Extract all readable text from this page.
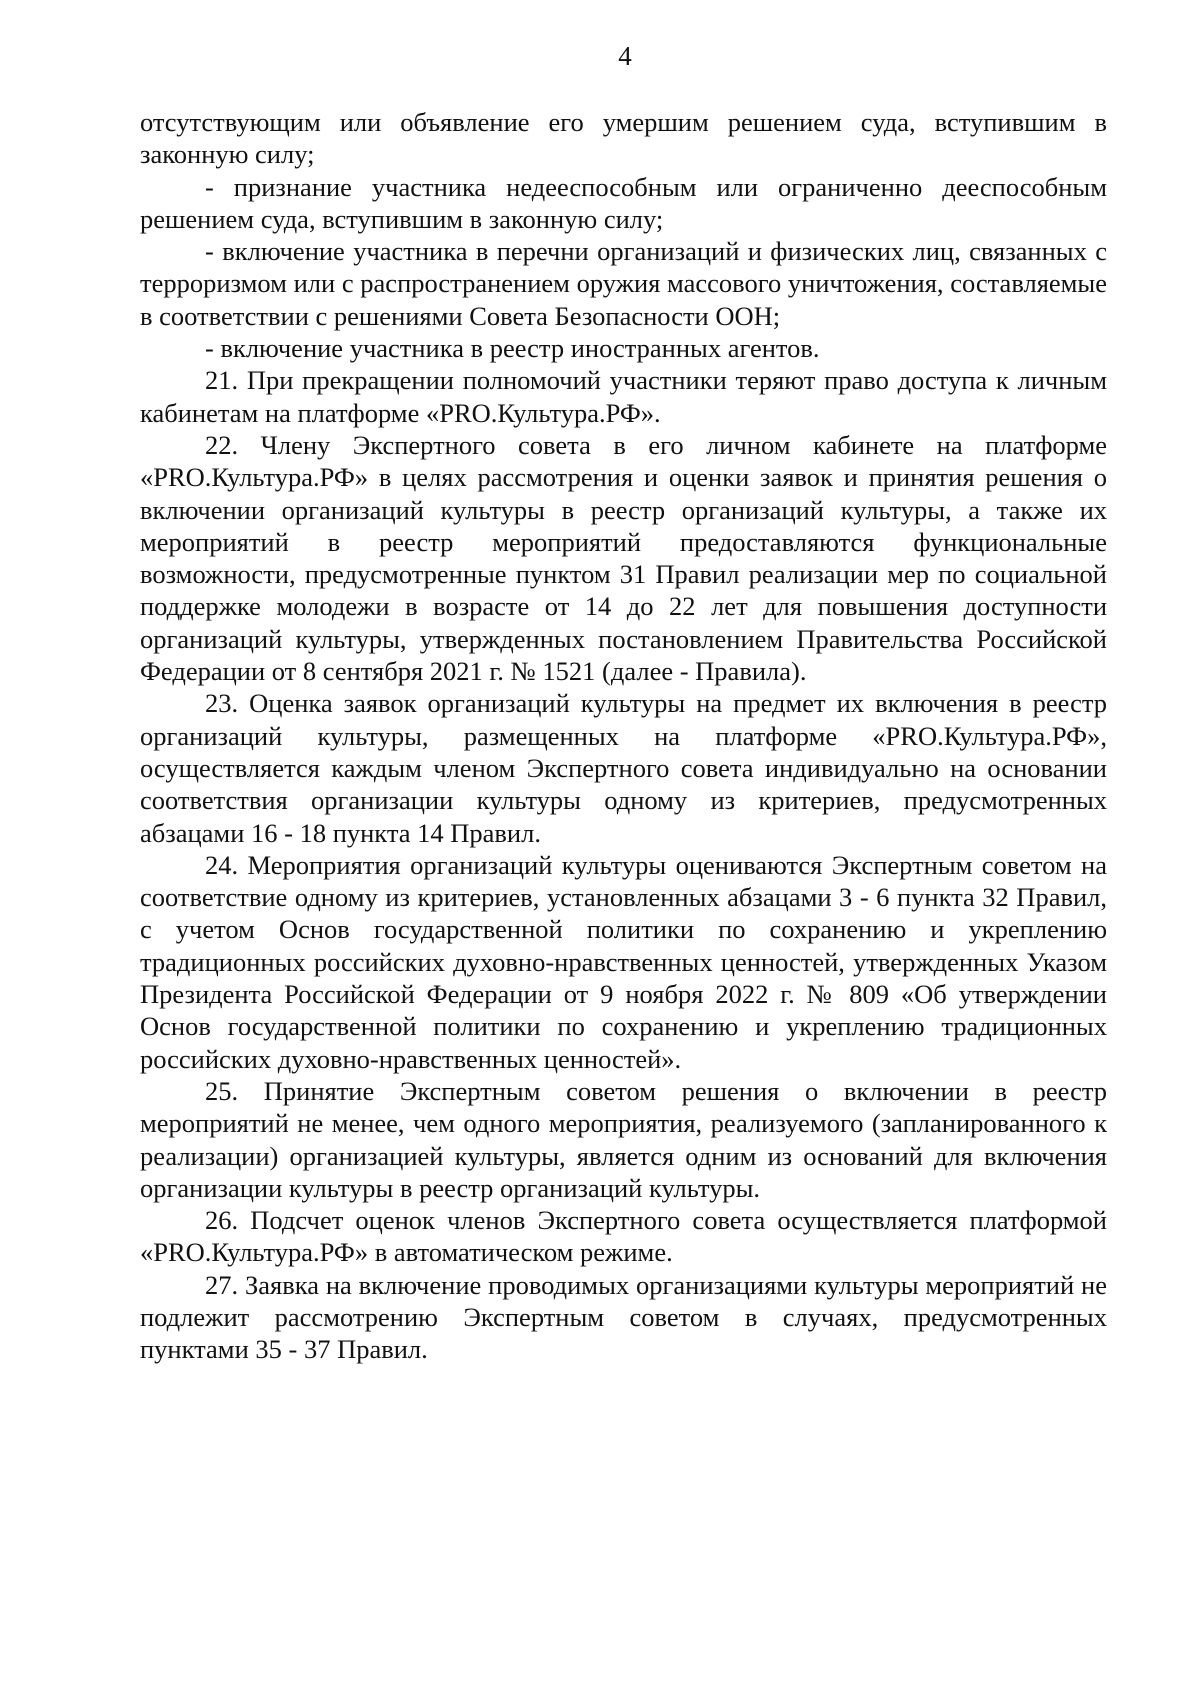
4

отсутствующим или объявление его умершим решением суда, вступившим в законную силу;

- признание участника недееспособным или ограниченно дееспособным решением суда, вступившим в законную силу;

- включение участника в перечни организаций и физических лиц, связанных с терроризмом или с распространением оружия массового уничтожения, составляемые в соответствии с решениями Совета Безопасности ООН;

- включение участника в реестр иностранных агентов.

21. При прекращении полномочий участники теряют право доступа к личным кабинетам на платформе «PRO.Культура.РФ».

22. Члену Экспертного совета в его личном кабинете на платформе «PRO.Культура.РФ» в целях рассмотрения и оценки заявок и принятия решения о включении организаций культуры в реестр организаций культуры, а также их мероприятий в реестр мероприятий предоставляются функциональные возможности, предусмотренные пунктом 31 Правил реализации мер по социальной поддержке молодежи в возрасте от 14 до 22 лет для повышения доступности организаций культуры, утвержденных постановлением Правительства Российской Федерации от 8 сентября 2021 г. № 1521 (далее - Правила).

23. Оценка заявок организаций культуры на предмет их включения в реестр организаций культуры, размещенных на платформе «PRO.Культура.РФ», осуществляется каждым членом Экспертного совета индивидуально на основании соответствия организации культуры одному из критериев, предусмотренных абзацами 16 - 18 пункта 14 Правил.

24. Мероприятия организаций культуры оцениваются Экспертным советом на соответствие одному из критериев, установленных абзацами 3 - 6 пункта 32 Правил, с учетом Основ государственной политики по сохранению и укреплению традиционных российских духовно-нравственных ценностей, утвержденных Указом Президента Российской Федерации от 9 ноября 2022 г. № 809 «Об утверждении Основ государственной политики по сохранению и укреплению традиционных российских духовно-нравственных ценностей».

25. Принятие Экспертным советом решения о включении в реестр мероприятий не менее, чем одного мероприятия, реализуемого (запланированного к реализации) организацией культуры, является одним из оснований для включения организации культуры в реестр организаций культуры.

26. Подсчет оценок членов Экспертного совета осуществляется платформой «PRO.Культура.РФ» в автоматическом режиме.

27. Заявка на включение проводимых организациями культуры мероприятий не подлежит рассмотрению Экспертным советом в случаях, предусмотренных пунктами 35 - 37 Правил.
